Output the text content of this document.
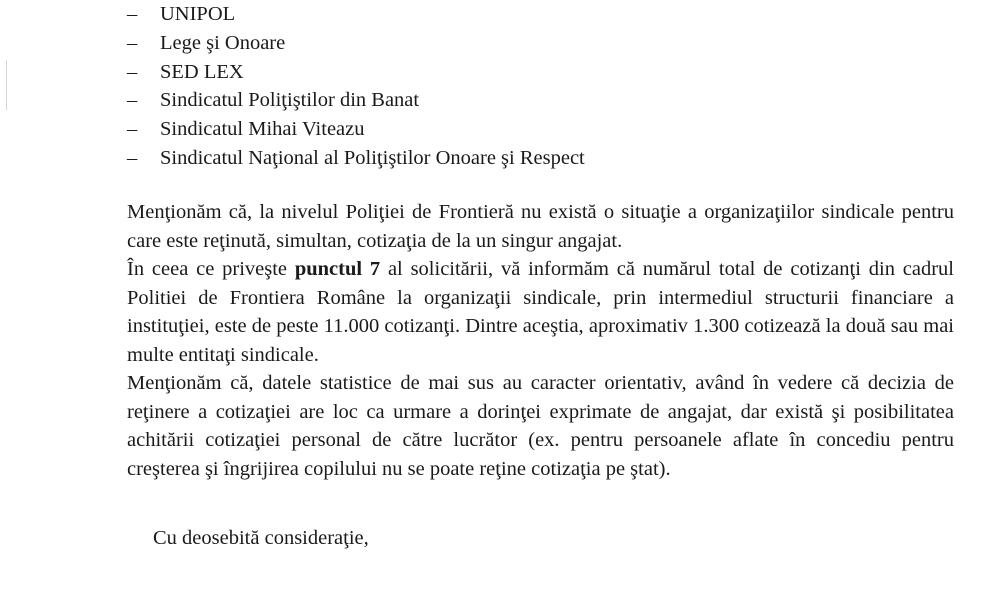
– UNIPOL
– Lege şi Onoare
– SED LEX
– Sindicatul Poliţiştilor din Banat
– Sindicatul Mihai Viteazu
– Sindicatul Naţional al Poliţiştilor Onoare şi Respect

Menţionăm că, la nivelul Poliţiei de Frontieră nu există o situaţie a organizaţiilor sindicale pentru care este reţinută, simultan, cotizaţia de la un singur angajat.

În ceea ce priveşte punctul 7 al solicitării, vă informăm că numărul total de cotizanţi din cadrul Politiei de Frontiera Române la organizaţii sindicale, prin intermediul structurii financiare a instituţiei, este de peste 11.000 cotizanţi. Dintre aceştia, aproximativ 1.300 cotizează la două sau mai multe entitaţi sindicale.

Menţionăm că, datele statistice de mai sus au caracter orientativ, având în vedere că decizia de reţinere a cotizaţiei are loc ca urmare a dorinţei exprimate de angajat, dar există şi posibilitatea achitării cotizaţiei personal de către lucrător (ex. pentru persoanele aflate în concediu pentru creşterea şi îngrijirea copilului nu se poate reţine cotizaţia pe ştat).

Cu deosebită consideraţie,
